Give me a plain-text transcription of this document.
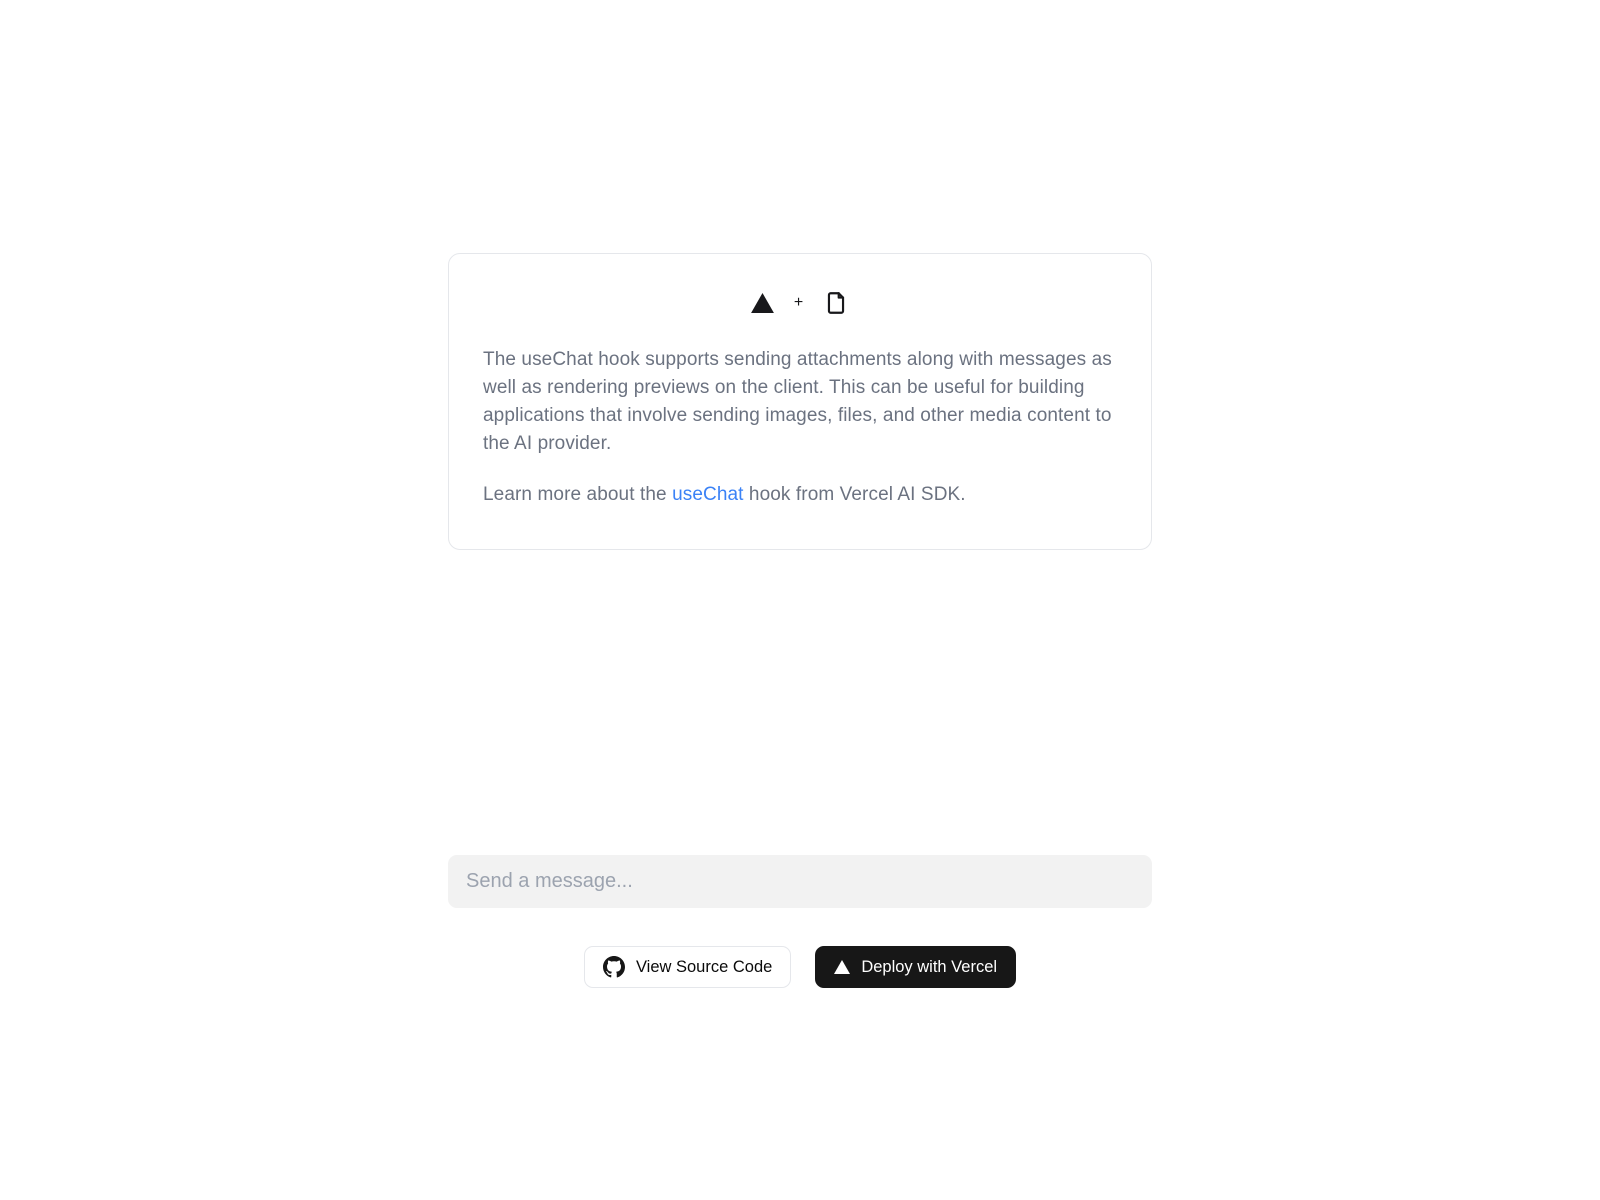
+

The useChat hook supports sending attachments along with messages as well as rendering previews on the client. This can be useful for building applications that involve sending images, files, and other media content to the AI provider.

Learn more about the useChat hook from Vercel AI SDK.

Send a message...
View Source Code	Deploy with Vercel
